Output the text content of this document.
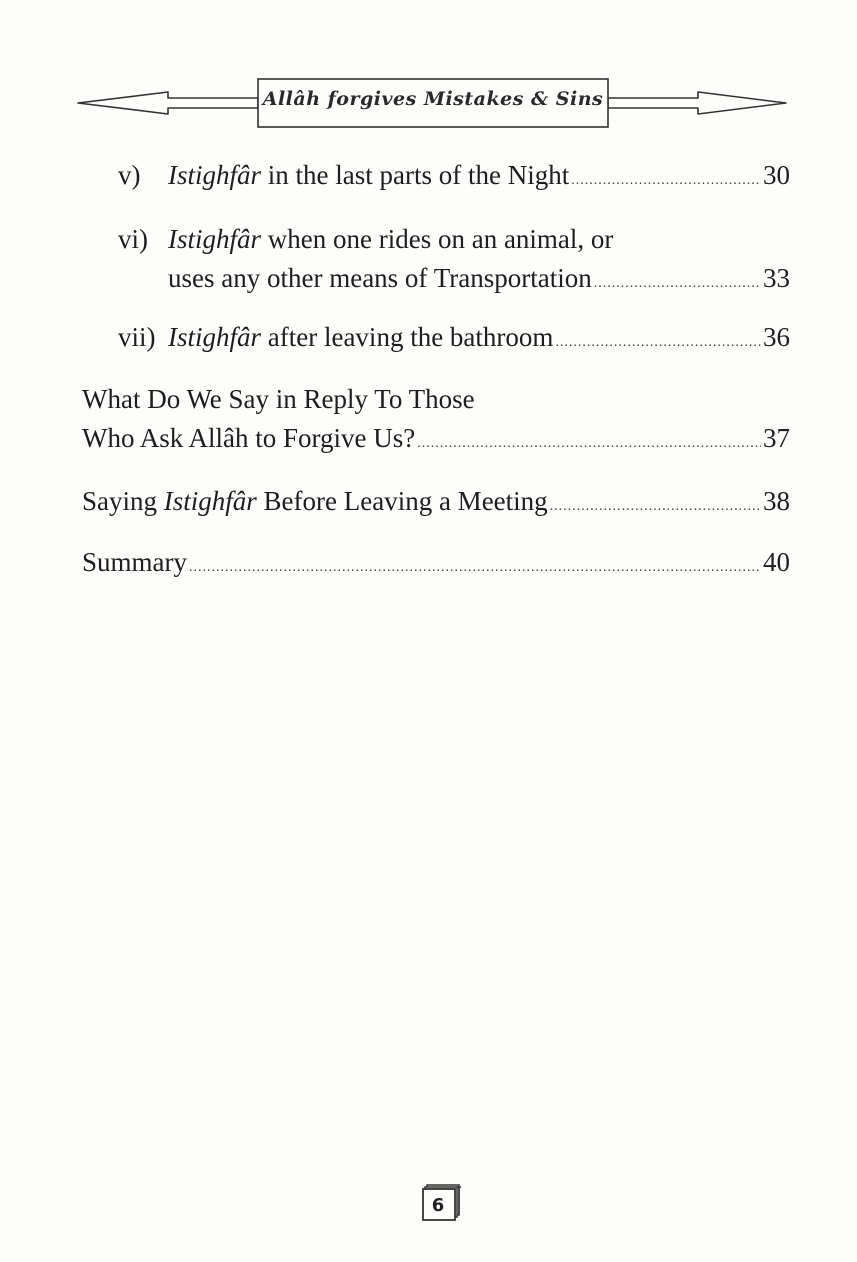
Allâh forgives Mistakes & Sins
v)	Istighfâr
in the last parts of the Night .....	30
vi) Istighfâr
when one rides on an animal, or
uses any other means of Transportation .....	33
vii) Istighfâr
after leaving the bathroom .....	36
What Do We Say in Reply To Those
Who Ask Allâh to Forgive Us? .....	37
Saying
Istighfâr
Before Leaving a Meeting .....	38
Summary .....	40
6
